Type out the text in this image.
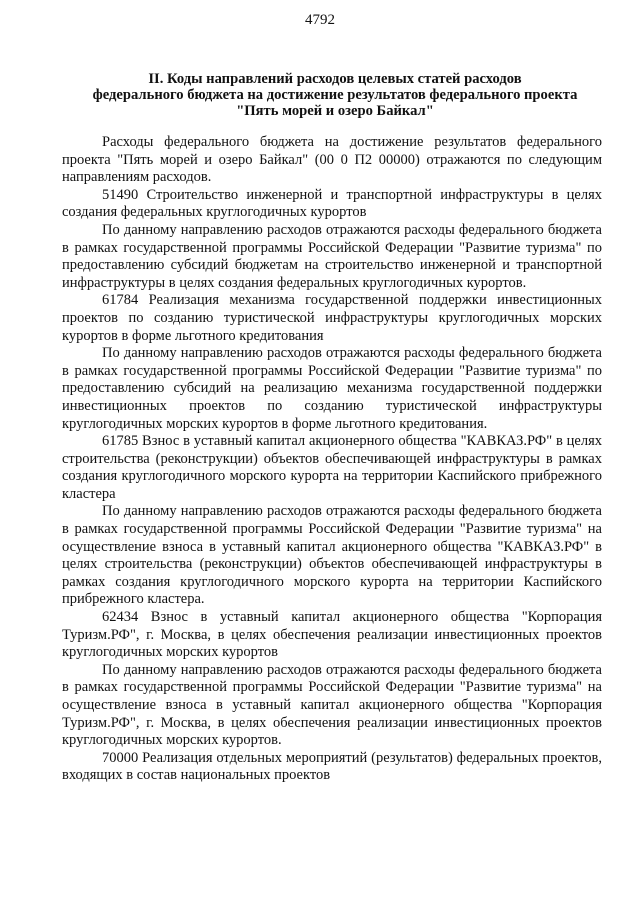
4792
II. Коды направлений расходов целевых статей расходов
федерального бюджета на достижение результатов федерального проекта
"Пять морей и озеро Байкал"

Расходы федерального бюджета на достижение результатов федерального проекта "Пять морей и озеро Байкал" (00 0 П2 00000) отражаются по следующим направлениям расходов.

51490 Строительство инженерной и транспортной инфраструктуры в целях создания федеральных круглогодичных курортов

По данному направлению расходов отражаются расходы федерального бюджета в рамках государственной программы Российской Федерации "Развитие туризма" по предоставлению субсидий бюджетам на строительство инженерной и транспортной инфраструктуры в целях создания федеральных круглогодичных курортов.

61784 Реализация механизма государственной поддержки инвестиционных проектов по созданию туристической инфраструктуры круглогодичных морских курортов в форме льготного кредитования

По данному направлению расходов отражаются расходы федерального бюджета в рамках государственной программы Российской Федерации "Развитие туризма" по предоставлению субсидий на реализацию механизма государственной поддержки инвестиционных проектов по созданию туристической инфраструктуры круглогодичных морских курортов в форме льготного кредитования.

61785 Взнос в уставный капитал акционерного общества "КАВКАЗ.РФ" в целях строительства (реконструкции) объектов обеспечивающей инфраструктуры в рамках создания круглогодичного морского курорта на территории Каспийского прибрежного кластера

По данному направлению расходов отражаются расходы федерального бюджета в рамках государственной программы Российской Федерации "Развитие туризма" на осуществление взноса в уставный капитал акционерного общества "КАВКАЗ.РФ" в целях строительства (реконструкции) объектов обеспечивающей инфраструктуры в рамках создания круглогодичного морского курорта на территории Каспийского прибрежного кластера.

62434 Взнос в уставный капитал акционерного общества "Корпорация Туризм.РФ", г. Москва, в целях обеспечения реализации инвестиционных проектов круглогодичных морских курортов

По данному направлению расходов отражаются расходы федерального бюджета в рамках государственной программы Российской Федерации "Развитие туризма" на осуществление взноса в уставный капитал акционерного общества "Корпорация Туризм.РФ", г. Москва, в целях обеспечения реализации инвестиционных проектов круглогодичных морских курортов.

70000 Реализация отдельных мероприятий (результатов) федеральных проектов, входящих в состав национальных проектов
